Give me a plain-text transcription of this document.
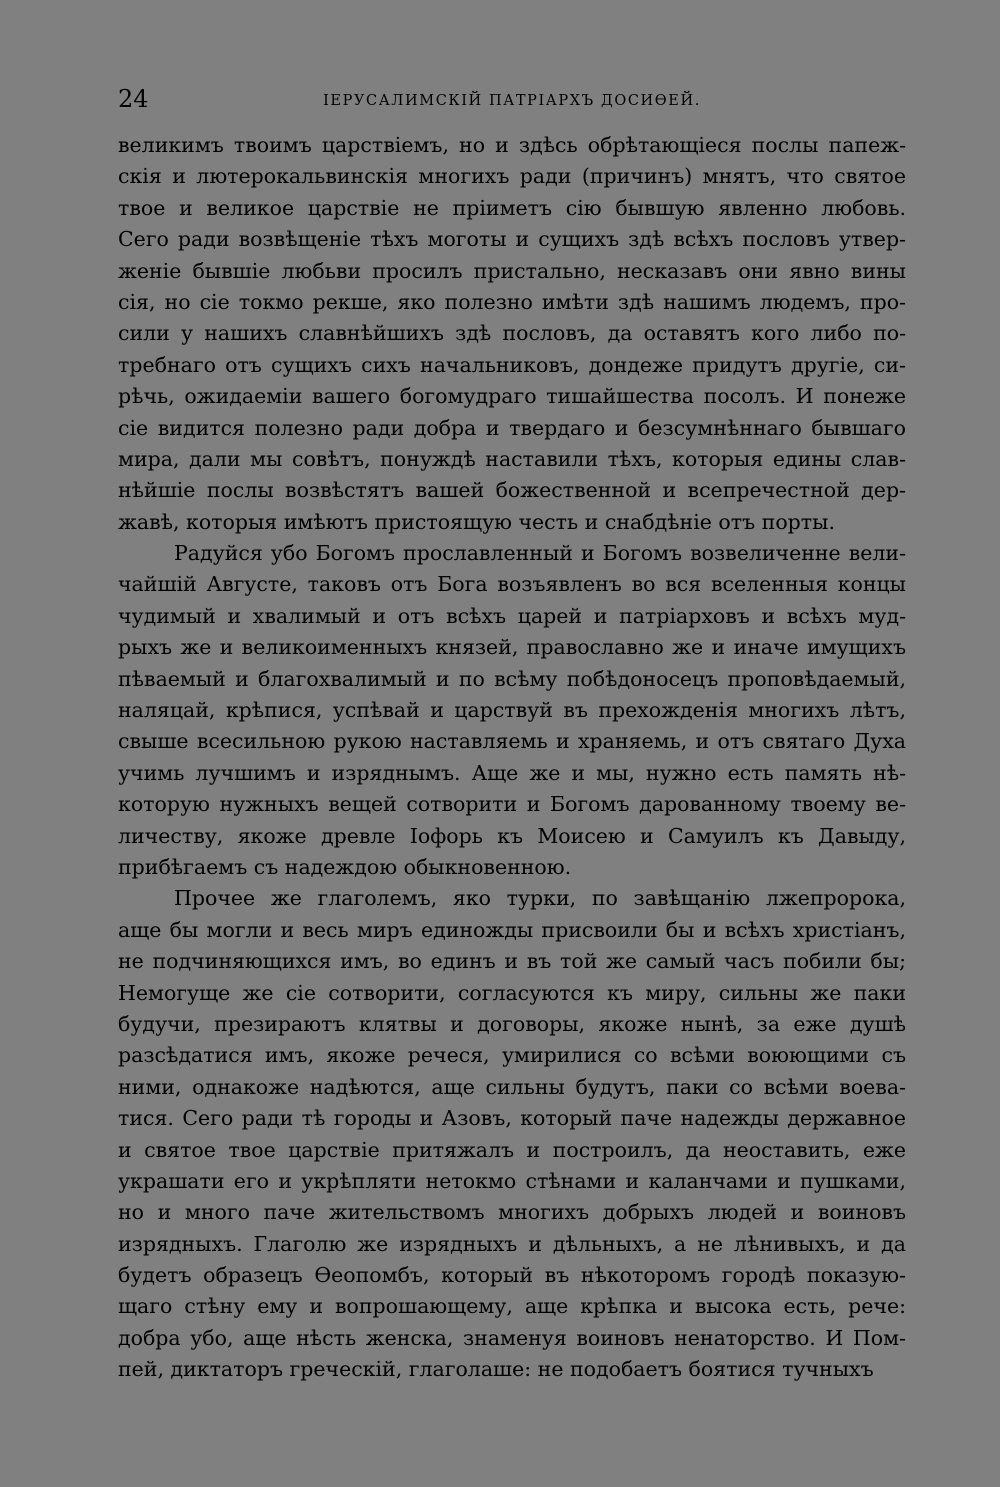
24	IЕРУСАЛИМСКIЙ ПАТРIАРХЪ ДОСИѲЕЙ.
великимъ твоимъ царствiемъ, но и здѣсь обрѣтающiеся послы папеж-
скiя и лютерокальвинскiя многихъ ради (причинъ) мнятъ, что святое
твое и великое царствiе не прiиметъ сiю бывшую явленно любовь.
Сего ради возвѣщенiе тѣхъ моготы и сущихъ здѣ всѣхъ пословъ утвер-
женiе бывшiе любьви просилъ пристально, несказавъ они явно вины
сiя, но сiе токмо рекше, яко полезно имѣти здѣ нашимъ людемъ, про-
сили у нашихъ славнѣйшихъ здѣ пословъ, да оставятъ кого либо по-
требнаго отъ сущихъ сихъ начальниковъ, дондеже придутъ другiе, си-
рѣчь, ожидаемiи вашего богомудраго тишайшества посолъ. И понеже
сiе видится полезно ради добра и твердаго и безсумнѣннаго бывшаго
мира, дали мы совѣтъ, понуждѣ наставили тѣхъ, которыя едины слав-
нѣйшiе послы возвѣстятъ вашей божественной и всепречестной дер-
жавѣ, которыя имѣютъ пристоящую честь и снабдѣнiе отъ порты.
Радуйся убо Богомъ прославленный и Богомъ возвеличенне вели-
чайшiй Августе, таковъ отъ Бога возъявленъ во вся вселенныя концы
чудимый и хвалимый и отъ всѣхъ царей и патрiарховъ и всѣхъ муд-
рыхъ же и великоименныхъ князей, православно же и иначе имущихъ
пѣваемый и благохвалимый и по всѣму побѣдоносецъ проповѣдаемый,
наляцай, крѣпися, успѣвай и царствуй въ прехожденiя многихъ лѣтъ,
свыше всесильною рукою наставляемь и храняемь, и отъ святаго Духа
учимь лучшимъ и изряднымъ. Аще же и мы, нужно есть память нѣ-
которую нужныхъ вещей сотворити и Богомъ дарованному твоему ве-
личеству, якоже древле Iофорь къ Моисею и Самуилъ къ Давыду,
прибѣгаемъ съ надеждою обыкновенною.
Прочее же глаголемъ, яко турки, по завѣщанiю лжепророка,
аще бы могли и весь миръ единожды присвоили бы и всѣхъ христiанъ,
не подчиняющихся имъ, во единъ и въ той же самый часъ побили бы;
Немогуще же сiе сотворити, согласуются къ миру, сильны же паки
будучи, презираютъ клятвы и договоры, якоже нынѣ, за еже душѣ
разсѣдатися имъ, якоже речеся, умирилися со всѣми воюющими съ
ними, однакоже надѣются, аще сильны будутъ, паки со всѣми воева-
тися. Сего ради тѣ городы и Азовъ, который паче надежды державное
и святое твое царствiе притяжалъ и построилъ, да неоставить, еже
украшати его и укрѣпляти нетокмо стѣнами и каланчами и пушками,
но и много паче жительствомъ многихъ добрыхъ людей и воиновъ
изрядныхъ. Глаголю же изрядныхъ и дѣльныхъ, а не лѣнивыхъ, и да
будетъ образецъ Ѳеопомбъ, который въ нѣкоторомъ городѣ показую-
щаго стѣну ему и вопрошающему, аще крѣпка и высока есть, рече:
добра убо, аще нѣсть женска, знаменуя воиновъ ненаторство. И Пом-
пей, диктаторъ греческiй, глаголаше: не подобаетъ боятися тучныхъ
